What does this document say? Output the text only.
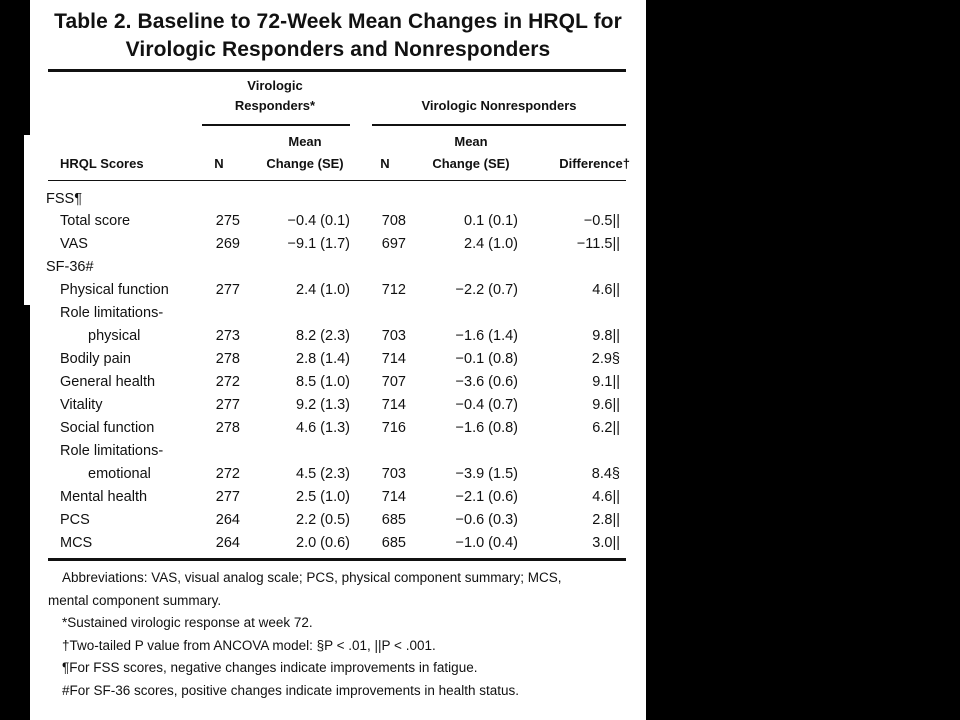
Table 2. Baseline to 72-Week Mean Changes in HRQL for
Virologic Responders and Nonresponders
Virologic
Responders*	Virologic Nonresponders
Mean	Mean
HRQL Scores	N	Change (SE)	N	Change (SE)	Difference†
FSS¶
Total score	275	−0.4 (0.1)	708	0.1 (0.1)	−0.5||
VAS	269	−9.1 (1.7)	697	2.4 (1.0)	−11.5||
SF-36#
Physical function	277	2.4 (1.0)	712	−2.2 (0.7)	4.6||
Role limitations-
physical	273	8.2 (2.3)	703	−1.6 (1.4)	9.8||
Bodily pain	278	2.8 (1.4)	714	−0.1 (0.8)	2.9§
General health	272	8.5 (1.0)	707	−3.6 (0.6)	9.1||
Vitality	277	9.2 (1.3)	714	−0.4 (0.7)	9.6||
Social function	278	4.6 (1.3)	716	−1.6 (0.8)	6.2||
Role limitations-
emotional	272	4.5 (2.3)	703	−3.9 (1.5)	8.4§
Mental health	277	2.5 (1.0)	714	−2.1 (0.6)	4.6||
PCS	264	2.2 (0.5)	685	−0.6 (0.3)	2.8||
MCS	264	2.0 (0.6)	685	−1.0 (0.4)	3.0||
Abbreviations: VAS, visual analog scale; PCS, physical component summary; MCS,
mental component summary.
*Sustained virologic response at week 72.
†Two-tailed P value from ANCOVA model: §P < .01, ||P < .001.
¶For FSS scores, negative changes indicate improvements in fatigue.
#For SF-36 scores, positive changes indicate improvements in health status.
